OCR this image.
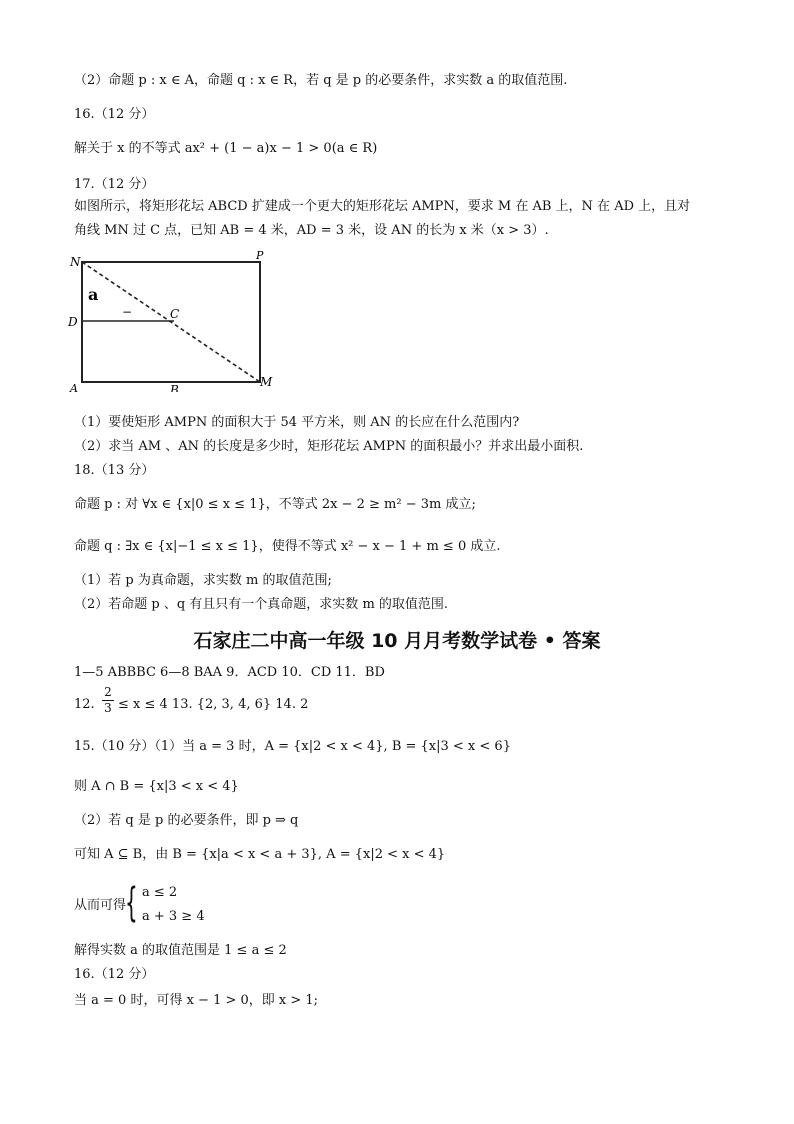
（2）命题 p : x ∈ A，命题 q : x ∈ R，若 q 是 p 的必要条件，求实数 a 的取值范围.
16.（12 分）
解关于 x 的不等式 ax² + (1 − a)x − 1 > 0(a ∈ R)
17.（12 分）
如图所示，将矩形花坛 ABCD 扩建成一个更大的矩形花坛 AMPN，要求 M 在 AB 上，N 在 AD 上，且对
角线 MN 过 C 点，已知 AB = 4 米，AD = 3 米，设 AN 的长为 x 米（x > 3）.
N	P
D
C
A	B
M
a
−
（1）要使矩形 AMPN 的面积大于 54 平方米，则 AN 的长应在什么范围内?
（2）求当 AM 、AN 的长度是多少时，矩形花坛 AMPN 的面积最小？并求出最小面积.
18.（13 分）
命题 p : 对 ∀x ∈ {x|0 ≤ x ≤ 1}，不等式 2x − 2 ≥ m² − 3m 成立;
命题 q : ∃x ∈ {x|−1 ≤ x ≤ 1}，使得不等式 x² − x − 1 + m ≤ 0 成立.
（1）若 p 为真命题，求实数 m 的取值范围;
（2）若命题 p 、q 有且只有一个真命题，求实数 m 的取值范围.
石家庄二中高一年级 10 月月考数学试卷 • 答案
1—5 ABBBC 6—8 BAA 9．ACD 10．CD 11．BD
12.
2
3 ≤ x ≤ 4 13. {2, 3, 4, 6} 14. 2
15.（10 分）（1）当 a = 3 时，A = {x|2 < x < 4}, B = {x|3 < x < 6}
则 A ∩ B = {x|3 < x < 4}
（2）若 q 是 p 的必要条件，即 p ⇒ q
可知 A ⊆ B，由 B = {x|a < x < a + 3}, A = {x|2 < x < 4}
从而可得
{ a ≤ 2
a + 3 ≥ 4
解得实数 a 的取值范围是 1 ≤ a ≤ 2
16.（12 分）
当 a = 0 时，可得 x − 1 > 0，即 x > 1;
